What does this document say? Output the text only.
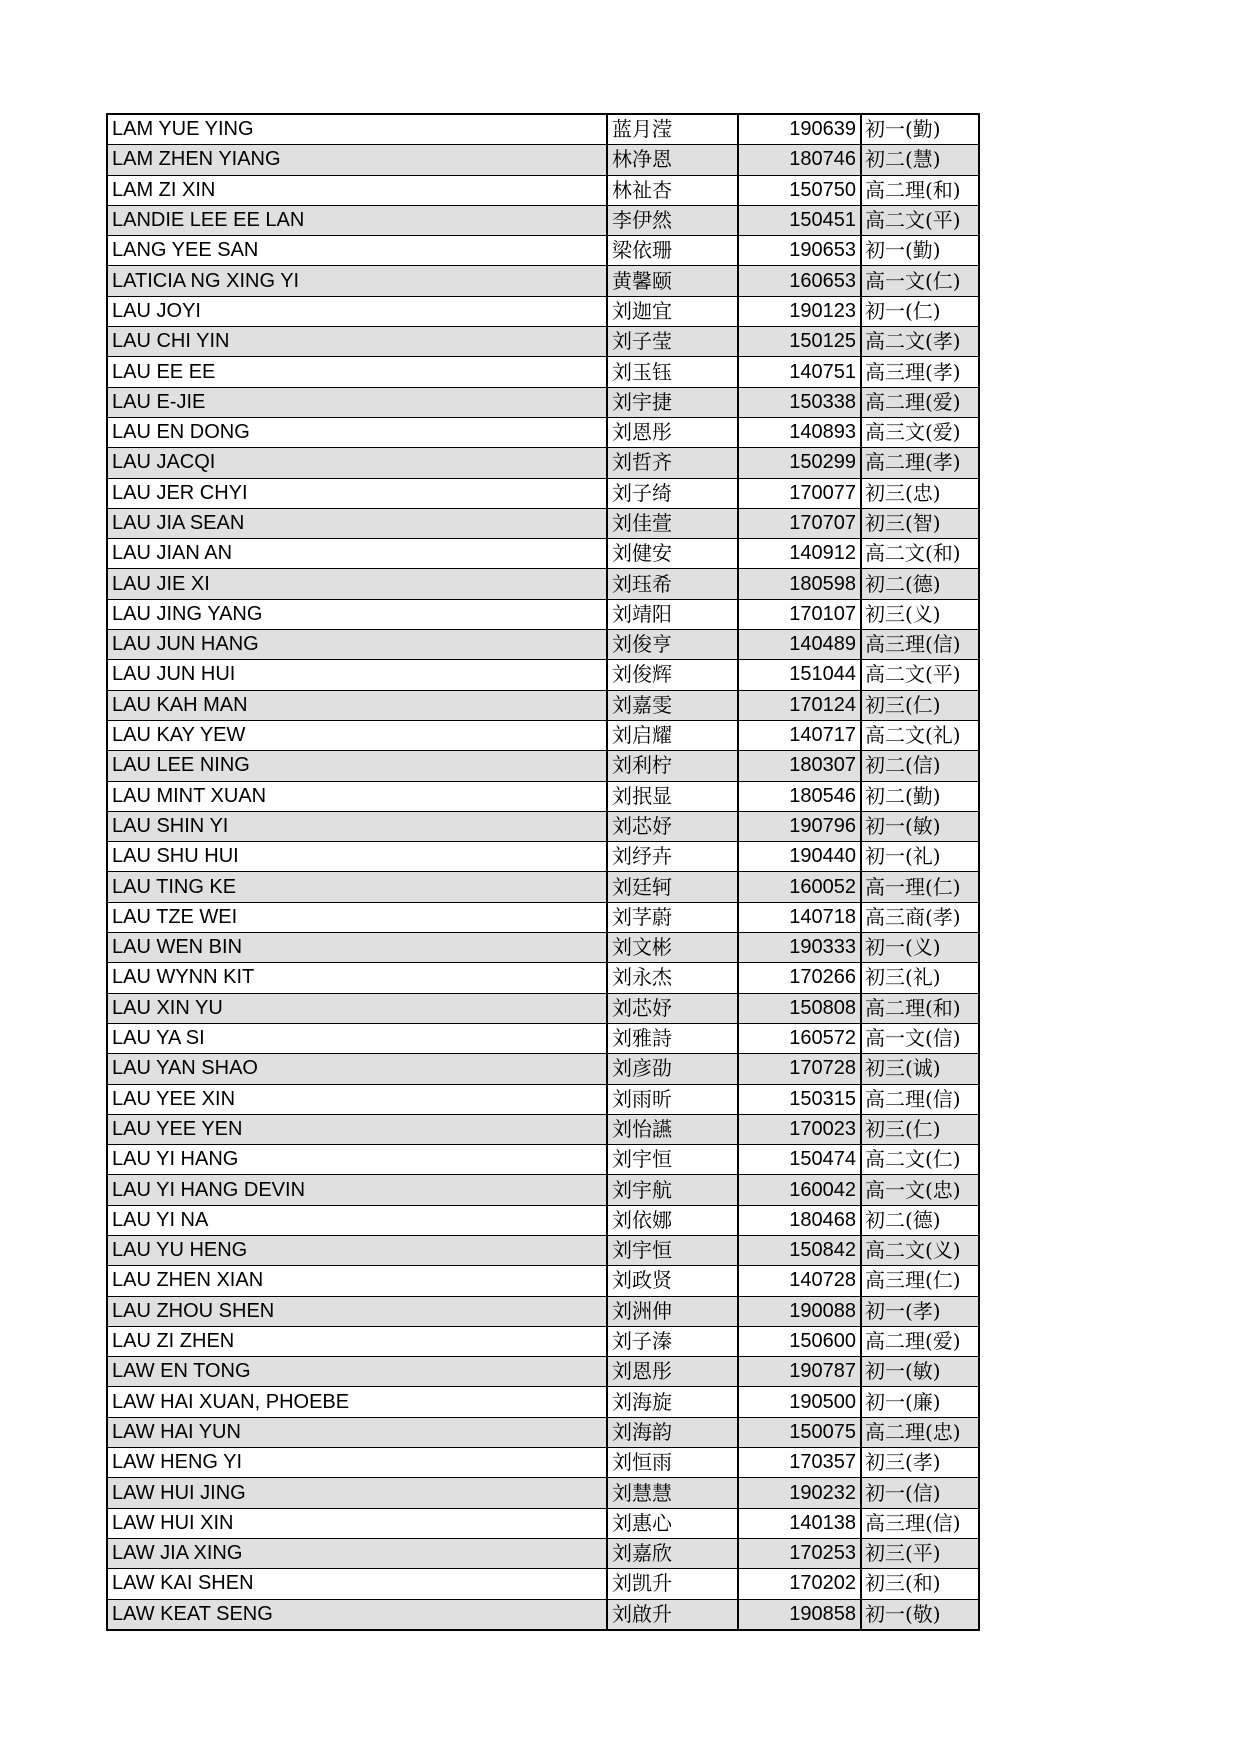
LAM YUE YING	蓝月滢	190639	初一(勤)
LAM ZHEN YIANG	林净恩	180746	初二(慧)
LAM ZI XIN	林祉杏	150750	高二理(和)
LANDIE LEE EE LAN	李伊然	150451	高二文(平)
LANG YEE SAN	梁依珊	190653	初一(勤)
LATICIA NG XING YI	黄馨颐	160653	高一文(仁)
LAU JOYI	刘迦宜	190123	初一(仁)
LAU CHI YIN	刘子莹	150125	高二文(孝)
LAU EE EE	刘玉钰	140751	高三理(孝)
LAU E-JIE	刘宇捷	150338	高二理(爱)
LAU EN DONG	刘恩彤	140893	高三文(爱)
LAU JACQI	刘哲齐	150299	高二理(孝)
LAU JER CHYI	刘子绮	170077	初三(忠)
LAU JIA SEAN	刘佳萱	170707	初三(智)
LAU JIAN AN	刘健安	140912	高二文(和)
LAU JIE XI	刘珏希	180598	初二(德)
LAU JING YANG	刘靖阳	170107	初三(义)
LAU JUN HANG	刘俊亨	140489	高三理(信)
LAU JUN HUI	刘俊辉	151044	高二文(平)
LAU KAH MAN	刘嘉雯	170124	初三(仁)
LAU KAY YEW	刘启耀	140717	高二文(礼)
LAU LEE NING	刘利柠	180307	初二(信)
LAU MINT XUAN	刘抿显	180546	初二(勤)
LAU SHIN YI	刘芯妤	190796	初一(敏)
LAU SHU HUI	刘纾卉	190440	初一(礼)
LAU TING KE	刘廷轲	160052	高一理(仁)
LAU TZE WEI	刘芓蔚	140718	高三商(孝)
LAU WEN BIN	刘文彬	190333	初一(义)
LAU WYNN KIT	刘永杰	170266	初三(礼)
LAU XIN YU	刘芯妤	150808	高二理(和)
LAU YA SI	刘雅詩	160572	高一文(信)
LAU YAN SHAO	刘彦劭	170728	初三(诚)
LAU YEE XIN	刘雨昕	150315	高二理(信)
LAU YEE YEN	刘怡讌	170023	初三(仁)
LAU YI HANG	刘宇恒	150474	高二文(仁)
LAU YI HANG DEVIN	刘宇航	160042	高一文(忠)
LAU YI NA	刘依娜	180468	初二(德)
LAU YU HENG	刘宇恒	150842	高二文(义)
LAU ZHEN XIAN	刘政贤	140728	高三理(仁)
LAU ZHOU SHEN	刘洲伸	190088	初一(孝)
LAU ZI ZHEN	刘子溱	150600	高二理(爱)
LAW EN TONG	刘恩彤	190787	初一(敏)
LAW HAI XUAN, PHOEBE	刘海旋	190500	初一(廉)
LAW HAI YUN	刘海韵	150075	高二理(忠)
LAW HENG YI	刘恒雨	170357	初三(孝)
LAW HUI JING	刘慧慧	190232	初一(信)
LAW HUI XIN	刘惠心	140138	高三理(信)
LAW JIA XING	刘嘉欣	170253	初三(平)
LAW KAI SHEN	刘凯升	170202	初三(和)
LAW KEAT SENG	刘啟升	190858	初一(敬)
